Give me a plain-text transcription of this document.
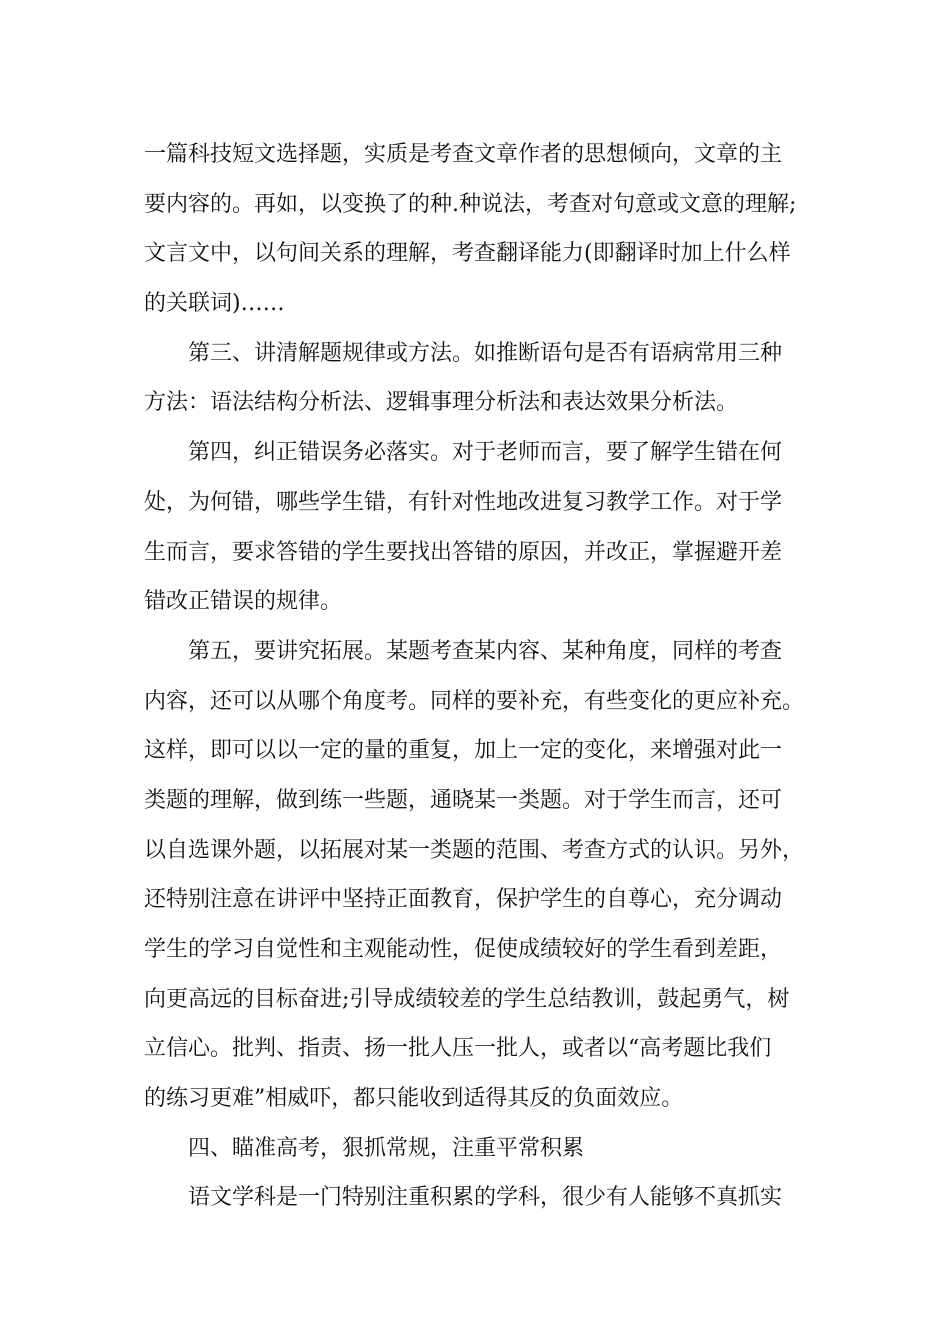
一篇科技短文选择题，实质是考查文章作者的思想倾向，文章的主
要内容的。再如，以变换了的种.种说法，考查对句意或文意的理解;
文言文中，以句间关系的理解，考查翻译能力(即翻译时加上什么样
的关联词)……
　　第三、讲清解题规律或方法。如推断语句是否有语病常用三种
方法：语法结构分析法、逻辑事理分析法和表达效果分析法。
　　第四，纠正错误务必落实。对于老师而言，要了解学生错在何
处，为何错，哪些学生错，有针对性地改进复习教学工作。对于学
生而言，要求答错的学生要找出答错的原因，并改正，掌握避开差
错改正错误的规律。
　　第五，要讲究拓展。某题考查某内容、某种角度，同样的考查
内容，还可以从哪个角度考。同样的要补充，有些变化的更应补充。
这样，即可以以一定的量的重复，加上一定的变化，来增强对此一
类题的理解，做到练一些题，通晓某一类题。对于学生而言，还可
以自选课外题，以拓展对某一类题的范围、考查方式的认识。另外，
还特别注意在讲评中坚持正面教育，保护学生的自尊心，充分调动
学生的学习自觉性和主观能动性，促使成绩较好的学生看到差距，
向更高远的目标奋进;引导成绩较差的学生总结教训，鼓起勇气，树
立信心。批判、指责、扬一批人压一批人，或者以“高考题比我们
的练习更难”相威吓，都只能收到适得其反的负面效应。
　　四、瞄准高考，狠抓常规，注重平常积累
　　语文学科是一门特别注重积累的学科，很少有人能够不真抓实
